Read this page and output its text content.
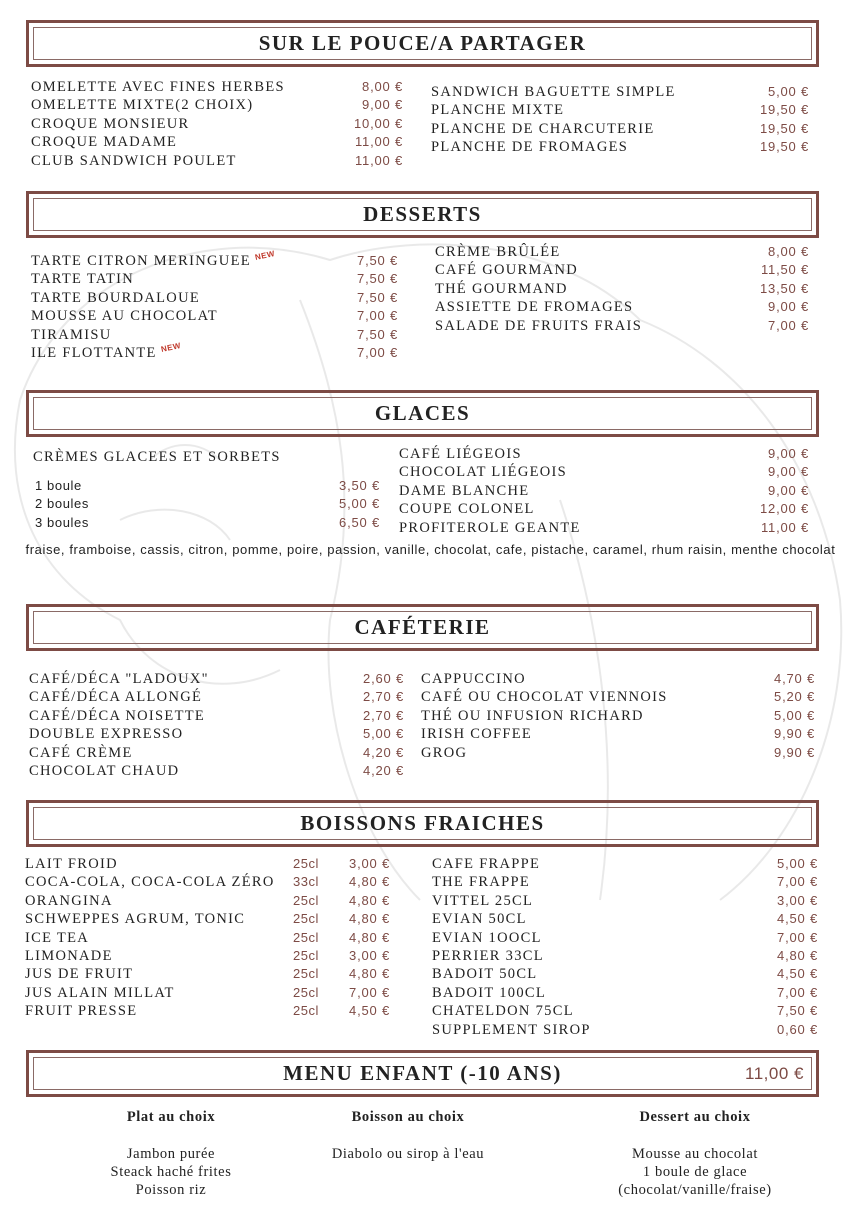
SUR LE POUCE/A PARTAGER
DESSERTS
GLACES
CAFÉTERIE
BOISSONS FRAICHES
MENU ENFANT (-10 ANS)	11,00 €
OMELETTE AVEC FINES HERBES	8,00 €
OMELETTE MIXTE(2 CHOIX)	9,00 €
CROQUE MONSIEUR	10,00 €
CROQUE MADAME	11,00 €
CLUB SANDWICH POULET	11,00 €
SANDWICH BAGUETTE SIMPLE	5,00 €
PLANCHE MIXTE	19,50 €
PLANCHE DE CHARCUTERIE	19,50 €
PLANCHE DE FROMAGES	19,50 €
TARTE CITRON MERINGUEE NEW	7,50 €
TARTE TATIN	7,50 €
TARTE BOURDALOUE	7,50 €
MOUSSE AU CHOCOLAT	7,00 €
TIRAMISU	7,50 €
ILE FLOTTANTE NEW	7,00 €
CRÈME BRÛLÉE	8,00 €
CAFÉ GOURMAND	11,50 €
THÉ GOURMAND	13,50 €
ASSIETTE DE FROMAGES	9,00 €
SALADE DE FRUITS FRAIS	7,00 €
CRÈMES GLACEES ET SORBETS
1 boule	3,50 €
2 boules	5,00 €
3 boules	6,50 €
CAFÉ LIÉGEOIS	9,00 €
CHOCOLAT LIÉGEOIS	9,00 €
DAME BLANCHE	9,00 €
COUPE COLONEL	12,00 €
PROFITEROLE GEANTE	11,00 €
fraise, framboise, cassis, citron, pomme, poire, passion, vanille, chocolat, cafe, pistache, caramel, rhum raisin, menthe chocolat
CAFÉ/DÉCA "LADOUX"	2,60 €
CAFÉ/DÉCA ALLONGÉ	2,70 €
CAFÉ/DÉCA NOISETTE	2,70 €
DOUBLE EXPRESSO	5,00 €
CAFÉ CRÈME	4,20 €
CHOCOLAT CHAUD	4,20 €
CAPPUCCINO	4,70 €
CAFÉ OU CHOCOLAT VIENNOIS	5,20 €
THÉ OU INFUSION RICHARD	5,00 €
IRISH COFFEE	9,90 €
GROG	9,90 €
LAIT FROID	25cl 3,00 €
COCA-COLA, COCA-COLA ZÉRO 33cl 4,80 €
ORANGINA	25cl 4,80 €
SCHWEPPES AGRUM, TONIC	25cl 4,80 €
ICE TEA	25cl 4,80 €
LIMONADE	25cl 3,00 €
JUS DE FRUIT	25cl 4,80 €
JUS ALAIN MILLAT	25cl 7,00 €
FRUIT PRESSE	25cl 4,50 €
CAFE FRAPPE	5,00 €
THE FRAPPE	7,00 €
VITTEL 25CL	3,00 €
EVIAN 50CL	4,50 €
EVIAN 1OOCL	7,00 €
PERRIER 33CL	4,80 €
BADOIT 50CL	4,50 €
BADOIT 100CL	7,00 €
CHATELDON 75CL	7,50 €
SUPPLEMENT SIROP	0,60 €
Plat au choix
Jambon purée
Steack haché frites
Poisson riz
Boisson au choix
Diabolo ou sirop à l'eau
Dessert au choix
Mousse au chocolat
1 boule de glace
(chocolat/vanille/fraise)
